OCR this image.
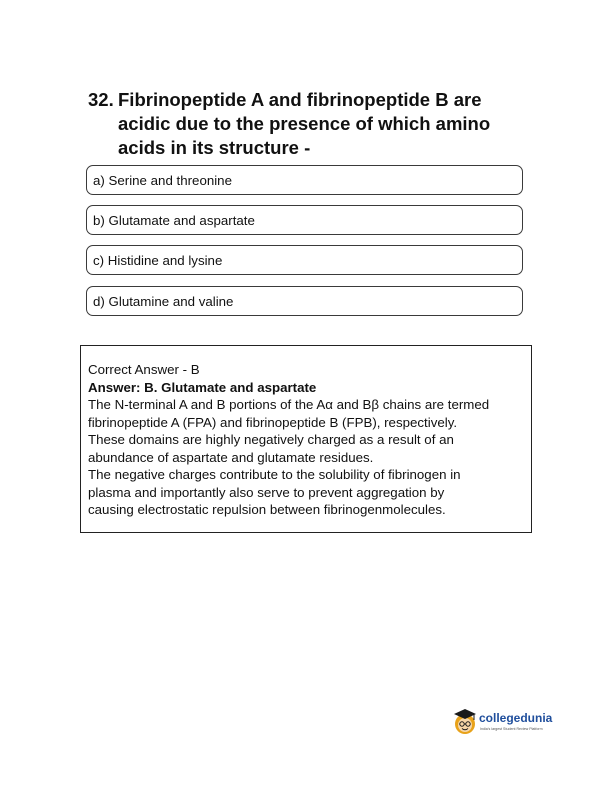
32. Fibrinopeptide A and fibrinopeptide B are acidic due to the presence of which amino acids in its structure -
a) Serine and threonine
b) Glutamate and aspartate
c) Histidine and lysine
d) Glutamine and valine
Correct Answer - B
Answer: B. Glutamate and aspartate
The N-terminal A and B portions of the Aα and Bβ chains are termed
fibrinopeptide A (FPA) and fibrinopeptide B (FPB), respectively.
These domains are highly negatively charged as a result of an
abundance of aspartate and glutamate residues.
The negative charges contribute to the solubility of fibrinogen in
plasma and importantly also serve to prevent aggregation by
causing electrostatic repulsion between fibrinogenmolecules.
collegedunia
India's largest Student Review Platform
